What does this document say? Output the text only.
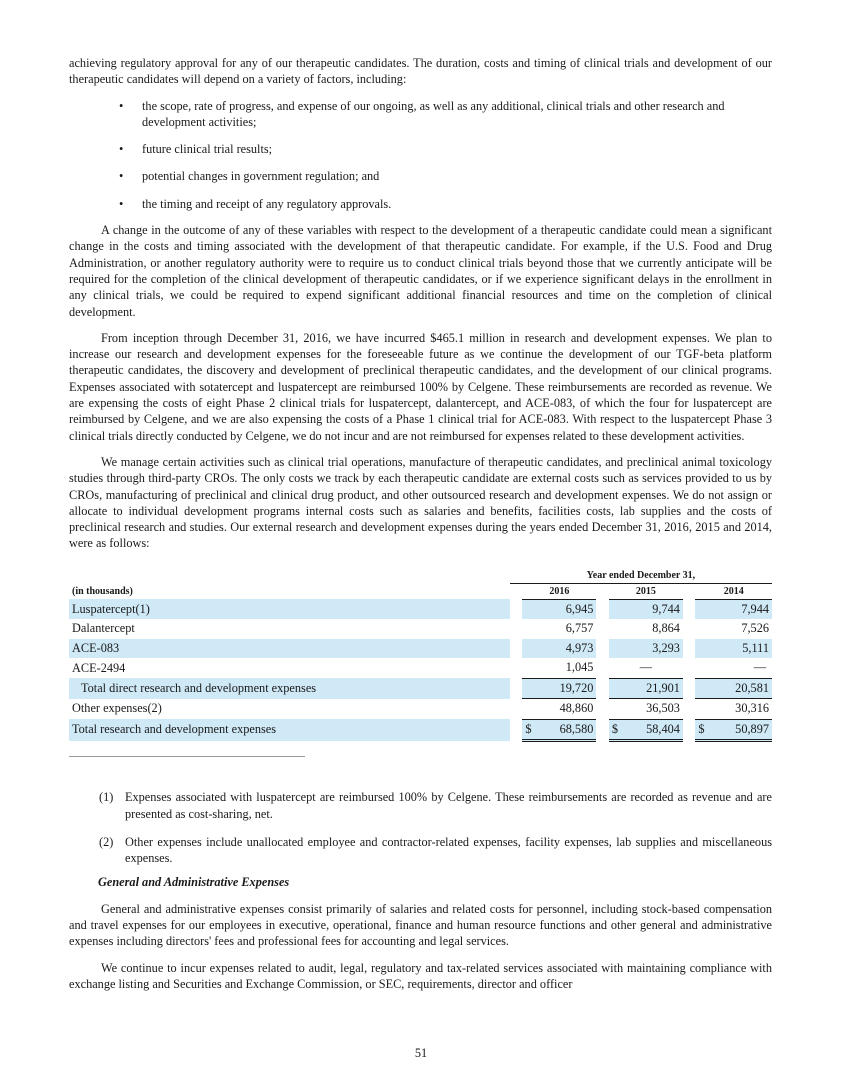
achieving regulatory approval for any of our therapeutic candidates. The duration, costs and timing of clinical trials and development of our therapeutic candidates will depend on a variety of factors, including:

• the scope, rate of progress, and expense of our ongoing, as well as any additional, clinical trials and other research and development activities;
• future clinical trial results;
• potential changes in government regulation; and
• the timing and receipt of any regulatory approvals.

A change in the outcome of any of these variables with respect to the development of a therapeutic candidate could mean a significant change in the costs and timing associated with the development of that therapeutic candidate. For example, if the U.S. Food and Drug Administration, or another regulatory authority were to require us to conduct clinical trials beyond those that we currently anticipate will be required for the completion of the clinical development of therapeutic candidates, or if we experience significant delays in the enrollment in any clinical trials, we could be required to expend significant additional financial resources and time on the completion of clinical development.

From inception through December 31, 2016, we have incurred $465.1 million in research and development expenses. We plan to increase our research and development expenses for the foreseeable future as we continue the development of our TGF-beta platform therapeutic candidates, the discovery and development of preclinical therapeutic candidates, and the development of our clinical programs. Expenses associated with sotatercept and luspatercept are reimbursed 100% by Celgene. These reimbursements are recorded as revenue. We are expensing the costs of eight Phase 2 clinical trials for luspatercept, dalantercept, and ACE-083, of which the four for luspatercept are reimbursed by Celgene, and we are also expensing the costs of a Phase 1 clinical trial for ACE-083. With respect to the luspatercept Phase 3 clinical trials directly conducted by Celgene, we do not incur and are not reimbursed for expenses related to these development activities.

We manage certain activities such as clinical trial operations, manufacture of therapeutic candidates, and preclinical animal toxicology studies through third-party CROs. The only costs we track by each therapeutic candidate are external costs such as services provided to us by CROs, manufacturing of preclinical and clinical drug product, and other outsourced research and development expenses. We do not assign or allocate to individual development programs internal costs such as salaries and benefits, facilities costs, lab supplies and the costs of preclinical research and studies. Our external research and development expenses during the years ended December 31, 2016, 2015 and 2014, were as follows:

	Year ended December 31,					
(in thousands)		2016		2015		2014
Luspatercept(1)		6,945		9,744		7,944
Dalantercept		6,757		8,864		7,526
ACE-083		4,973		3,293		5,111
ACE-2494		1,045		—		—
Total direct research and development expenses		19,720		21,901		20,581
Other expenses(2)		48,860		36,503		30,316
Total research and development expenses		$ 68,580		$ 58,404		$ 50,897

(1) Expenses associated with luspatercept are reimbursed 100% by Celgene. These reimbursements are recorded as revenue and are presented as cost-sharing, net.

(2) Other expenses include unallocated employee and contractor-related expenses, facility expenses, lab supplies and miscellaneous expenses.

General and Administrative Expenses

General and administrative expenses consist primarily of salaries and related costs for personnel, including stock-based compensation and travel expenses for our employees in executive, operational, finance and human resource functions and other general and administrative expenses including directors' fees and professional fees for accounting and legal services.

We continue to incur expenses related to audit, legal, regulatory and tax-related services associated with maintaining compliance with exchange listing and Securities and Exchange Commission, or SEC, requirements, director and officer

51
